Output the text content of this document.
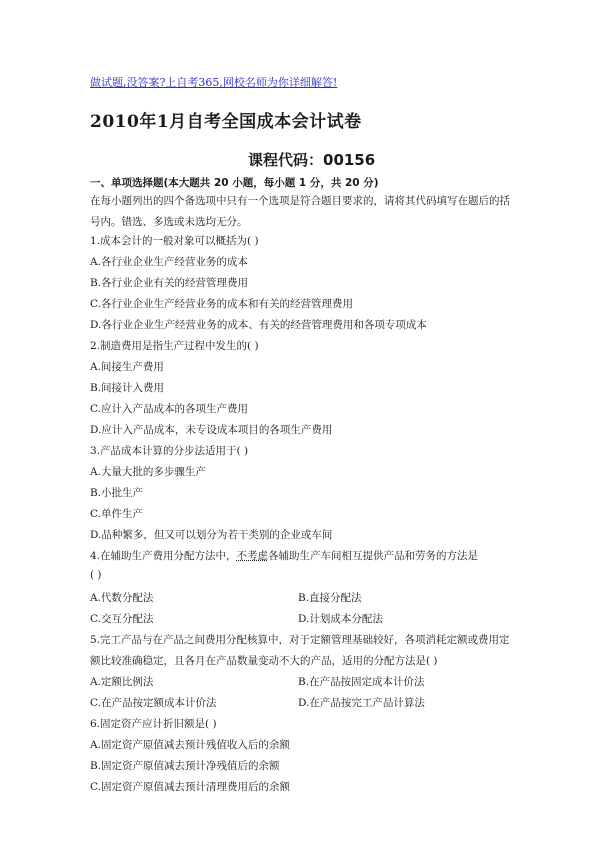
做试题,没答案?上自考365,网校名师为你详细解答!
2010年1月自考全国成本会计试卷
课程代码：00156
一、单项选择题(本大题共 20 小题，每小题 1 分，共 20 分)
在每小题列出的四个备选项中只有一个选项是符合题目要求的，请将其代码填写在题后的括号内。错选、多选或未选均无分。
1.成本会计的一般对象可以概括为( )
A.各行业企业生产经营业务的成本
B.各行业企业有关的经营管理费用
C.各行业企业生产经营业务的成本和有关的经营管理费用
D.各行业企业生产经营业务的成本、有关的经营管理费用和各项专项成本
2.制造费用是指生产过程中发生的( )
A.间接生产费用
B.间接计入费用
C.应计入产品成本的各项生产费用
D.应计入产品成本，未专设成本项目的各项生产费用
3.产品成本计算的分步法适用于( )
A.大量大批的多步骤生产
B.小批生产
C.单件生产
D.品种繁多，但又可以划分为若干类别的企业或车间
4.在辅助生产费用分配方法中，不考虑各辅助生产车间相互提供产品和劳务的方法是
( )
A.代数分配法	B.直接分配法
C.交互分配法	D.计划成本分配法
5.完工产品与在产品之间费用分配核算中，对于定额管理基础较好，各项消耗定额或费用定
额比较准确稳定，且各月在产品数量变动不大的产品，适用的分配方法是( )
A.定额比例法	B.在产品按固定成本计价法
C.在产品按定额成本计价法	D.在产品按完工产品计算法
6.固定资产应计折旧额是( )
A.固定资产原值减去预计残值收入后的余额
B.固定资产原值减去预计净残值后的余额
C.固定资产原值减去预计清理费用后的余额
